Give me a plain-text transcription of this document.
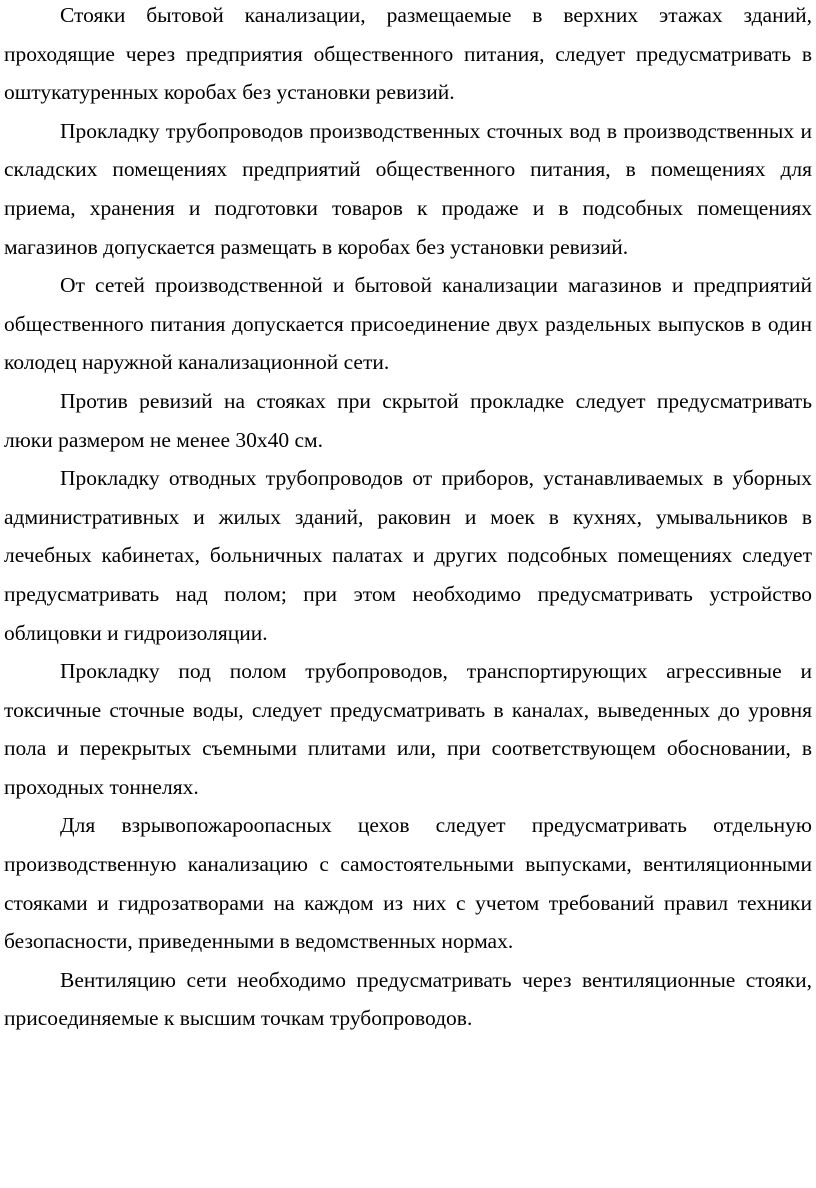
Стояки бытовой канализации, размещаемые в верхних этажах зданий, проходящие через предприятия общественного питания, следует предусматривать в оштукатуренных коробах без установки ревизий.

Прокладку трубопроводов производственных сточных вод в производственных и складских помещениях предприятий общественного питания, в помещениях для приема, хранения и подготовки товаров к продаже и в подсобных помещениях магазинов допускается размещать в коробах без установки ревизий.

От сетей производственной и бытовой канализации магазинов и предприятий общественного питания допускается присоединение двух раздельных выпусков в один колодец наружной канализационной сети.

Против ревизий на стояках при скрытой прокладке следует предусматривать люки размером не менее 30х40 см.

Прокладку отводных трубопроводов от приборов, устанавливаемых в уборных административных и жилых зданий, раковин и моек в кухнях, умывальников в лечебных кабинетах, больничных палатах и других подсобных помещениях следует предусматривать над полом; при этом необходимо предусматривать устройство облицовки и гидроизоляции.

Прокладку под полом трубопроводов, транспортирующих агрессивные и токсичные сточные воды, следует предусматривать в каналах, выведенных до уровня пола и перекрытых съемными плитами или, при соответствующем обосновании, в проходных тоннелях.

Для взрывопожароопасных цехов следует предусматривать отдельную производственную канализацию с самостоятельными выпусками, вентиляционными стояками и гидрозатворами на каждом из них с учетом требований правил техники безопасности, приведенными в ведомственных нормах.

Вентиляцию сети необходимо предусматривать через вентиляционные стояки, присоединяемые к высшим точкам трубопроводов.
